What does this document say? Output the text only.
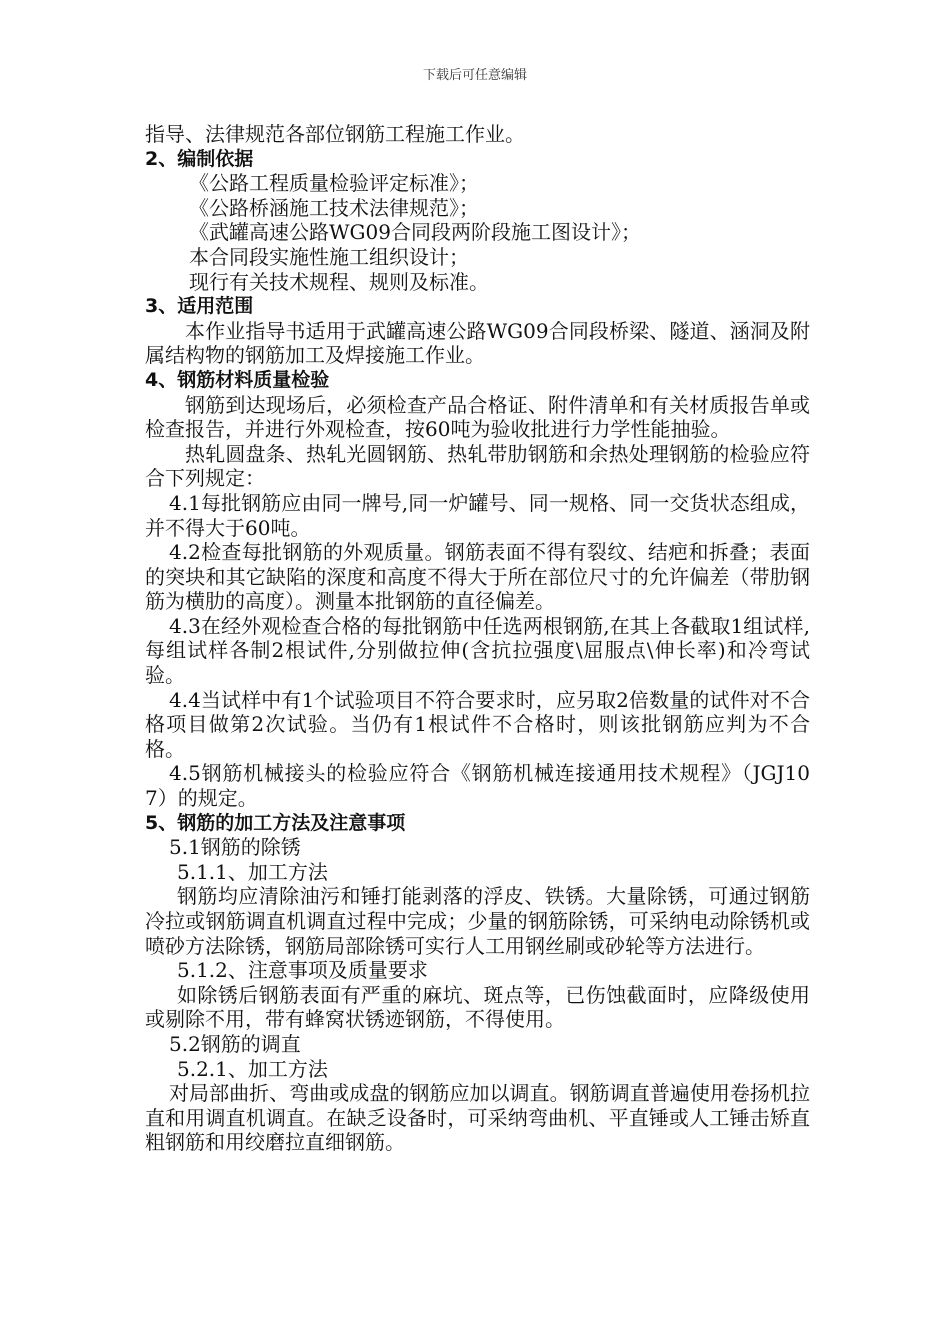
下载后可任意编辑

指导、法律规范各部位钢筋工程施工作业。

2、编制依据

《公路工程质量检验评定标准》；

《公路桥涵施工技术法律规范》；

《武罐高速公路WG09合同段两阶段施工图设计》；

本合同段实施性施工组织设计；

现行有关技术规程、规则及标准。

3、适用范围

本作业指导书适用于武罐高速公路WG09合同段桥梁、隧道、涵洞及附属结构物的钢筋加工及焊接施工作业。

4、钢筋材料质量检验

钢筋到达现场后，必须检查产品合格证、附件清单和有关材质报告单或检查报告，并进行外观检查，按60吨为验收批进行力学性能抽验。

热轧圆盘条、热轧光圆钢筋、热轧带肋钢筋和余热处理钢筋的检验应符合下列规定：

4.1每批钢筋应由同一牌号,同一炉罐号、同一规格、同一交货状态组成，并不得大于60吨。

4.2检查每批钢筋的外观质量。钢筋表面不得有裂纹、结疤和拆叠；表面的突块和其它缺陷的深度和高度不得大于所在部位尺寸的允许偏差（带肋钢筋为横肋的高度）。测量本批钢筋的直径偏差。

4.3在经外观检查合格的每批钢筋中任选两根钢筋,在其上各截取1组试样,每组试样各制2根试件,分别做拉伸(含抗拉强度\屈服点\伸长率)和冷弯试验。

4.4当试样中有1个试验项目不符合要求时，应另取2倍数量的试件对不合格项目做第2次试验。当仍有1根试件不合格时，则该批钢筋应判为不合格。

4.5钢筋机械接头的检验应符合《钢筋机械连接通用技术规程》（JGJ107）的规定。

5、钢筋的加工方法及注意事项

5.1钢筋的除锈

5.1.1、加工方法

钢筋均应清除油污和锤打能剥落的浮皮、铁锈。大量除锈，可通过钢筋冷拉或钢筋调直机调直过程中完成；少量的钢筋除锈，可采纳电动除锈机或喷砂方法除锈，钢筋局部除锈可实行人工用钢丝刷或砂轮等方法进行。

5.1.2、注意事项及质量要求

如除锈后钢筋表面有严重的麻坑、斑点等，已伤蚀截面时，应降级使用或剔除不用，带有蜂窝状锈迹钢筋，不得使用。

5.2钢筋的调直

5.2.1、加工方法

对局部曲折、弯曲或成盘的钢筋应加以调直。钢筋调直普遍使用卷扬机拉直和用调直机调直。在缺乏设备时，可采纳弯曲机、平直锤或人工锤击矫直粗钢筋和用绞磨拉直细钢筋。
